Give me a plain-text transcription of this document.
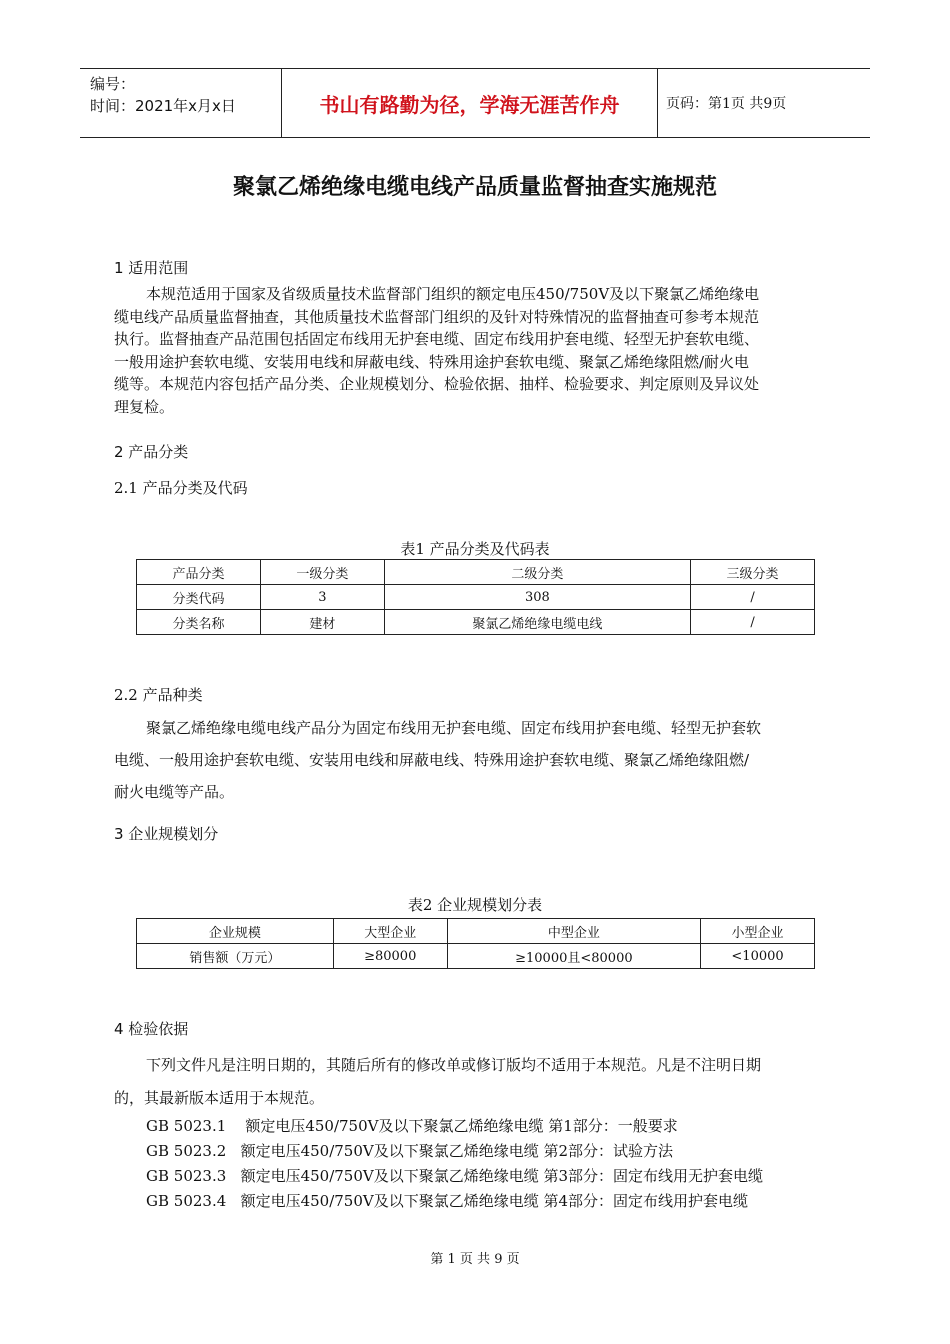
编号：
时间：2021年x月x日	书山有路勤为径，学海无涯苦作舟	页码：第1页 共9页
聚氯乙烯绝缘电缆电线产品质量监督抽查实施规范
1 适用范围
本规范适用于国家及省级质量技术监督部门组织的额定电压450/750V及以下聚氯乙烯绝缘电
缆电线产品质量监督抽查，其他质量技术监督部门组织的及针对特殊情况的监督抽查可参考本规范
执行。监督抽查产品范围包括固定布线用无护套电缆、固定布线用护套电缆、轻型无护套软电缆、
一般用途护套软电缆、安装用电线和屏蔽电线、特殊用途护套软电缆、聚氯乙烯绝缘阻燃/耐火电
缆等。本规范内容包括产品分类、企业规模划分、检验依据、抽样、检验要求、判定原则及异议处
理复检。
2 产品分类
2.1 产品分类及代码
表1 产品分类及代码表
产品分类	一级分类	二级分类	三级分类
分类代码	3	308	/
分类名称	建材	聚氯乙烯绝缘电缆电线	/
2.2 产品种类
聚氯乙烯绝缘电缆电线产品分为固定布线用无护套电缆、固定布线用护套电缆、轻型无护套软
电缆、一般用途护套软电缆、安装用电线和屏蔽电线、特殊用途护套软电缆、聚氯乙烯绝缘阻燃/
耐火电缆等产品。
3 企业规模划分
表2 企业规模划分表
企业规模	大型企业	中型企业	小型企业
销售额（万元）	≥80000	≥10000且<80000	<10000
4 检验依据
下列文件凡是注明日期的，其随后所有的修改单或修订版均不适用于本规范。凡是不注明日期
的，其最新版本适用于本规范。
GB 5023.1    额定电压450/750V及以下聚氯乙烯绝缘电缆 第1部分：一般要求
GB 5023.2   额定电压450/750V及以下聚氯乙烯绝缘电缆 第2部分：试验方法
GB 5023.3   额定电压450/750V及以下聚氯乙烯绝缘电缆 第3部分：固定布线用无护套电缆
GB 5023.4   额定电压450/750V及以下聚氯乙烯绝缘电缆 第4部分：固定布线用护套电缆
第 1 页 共 9 页
